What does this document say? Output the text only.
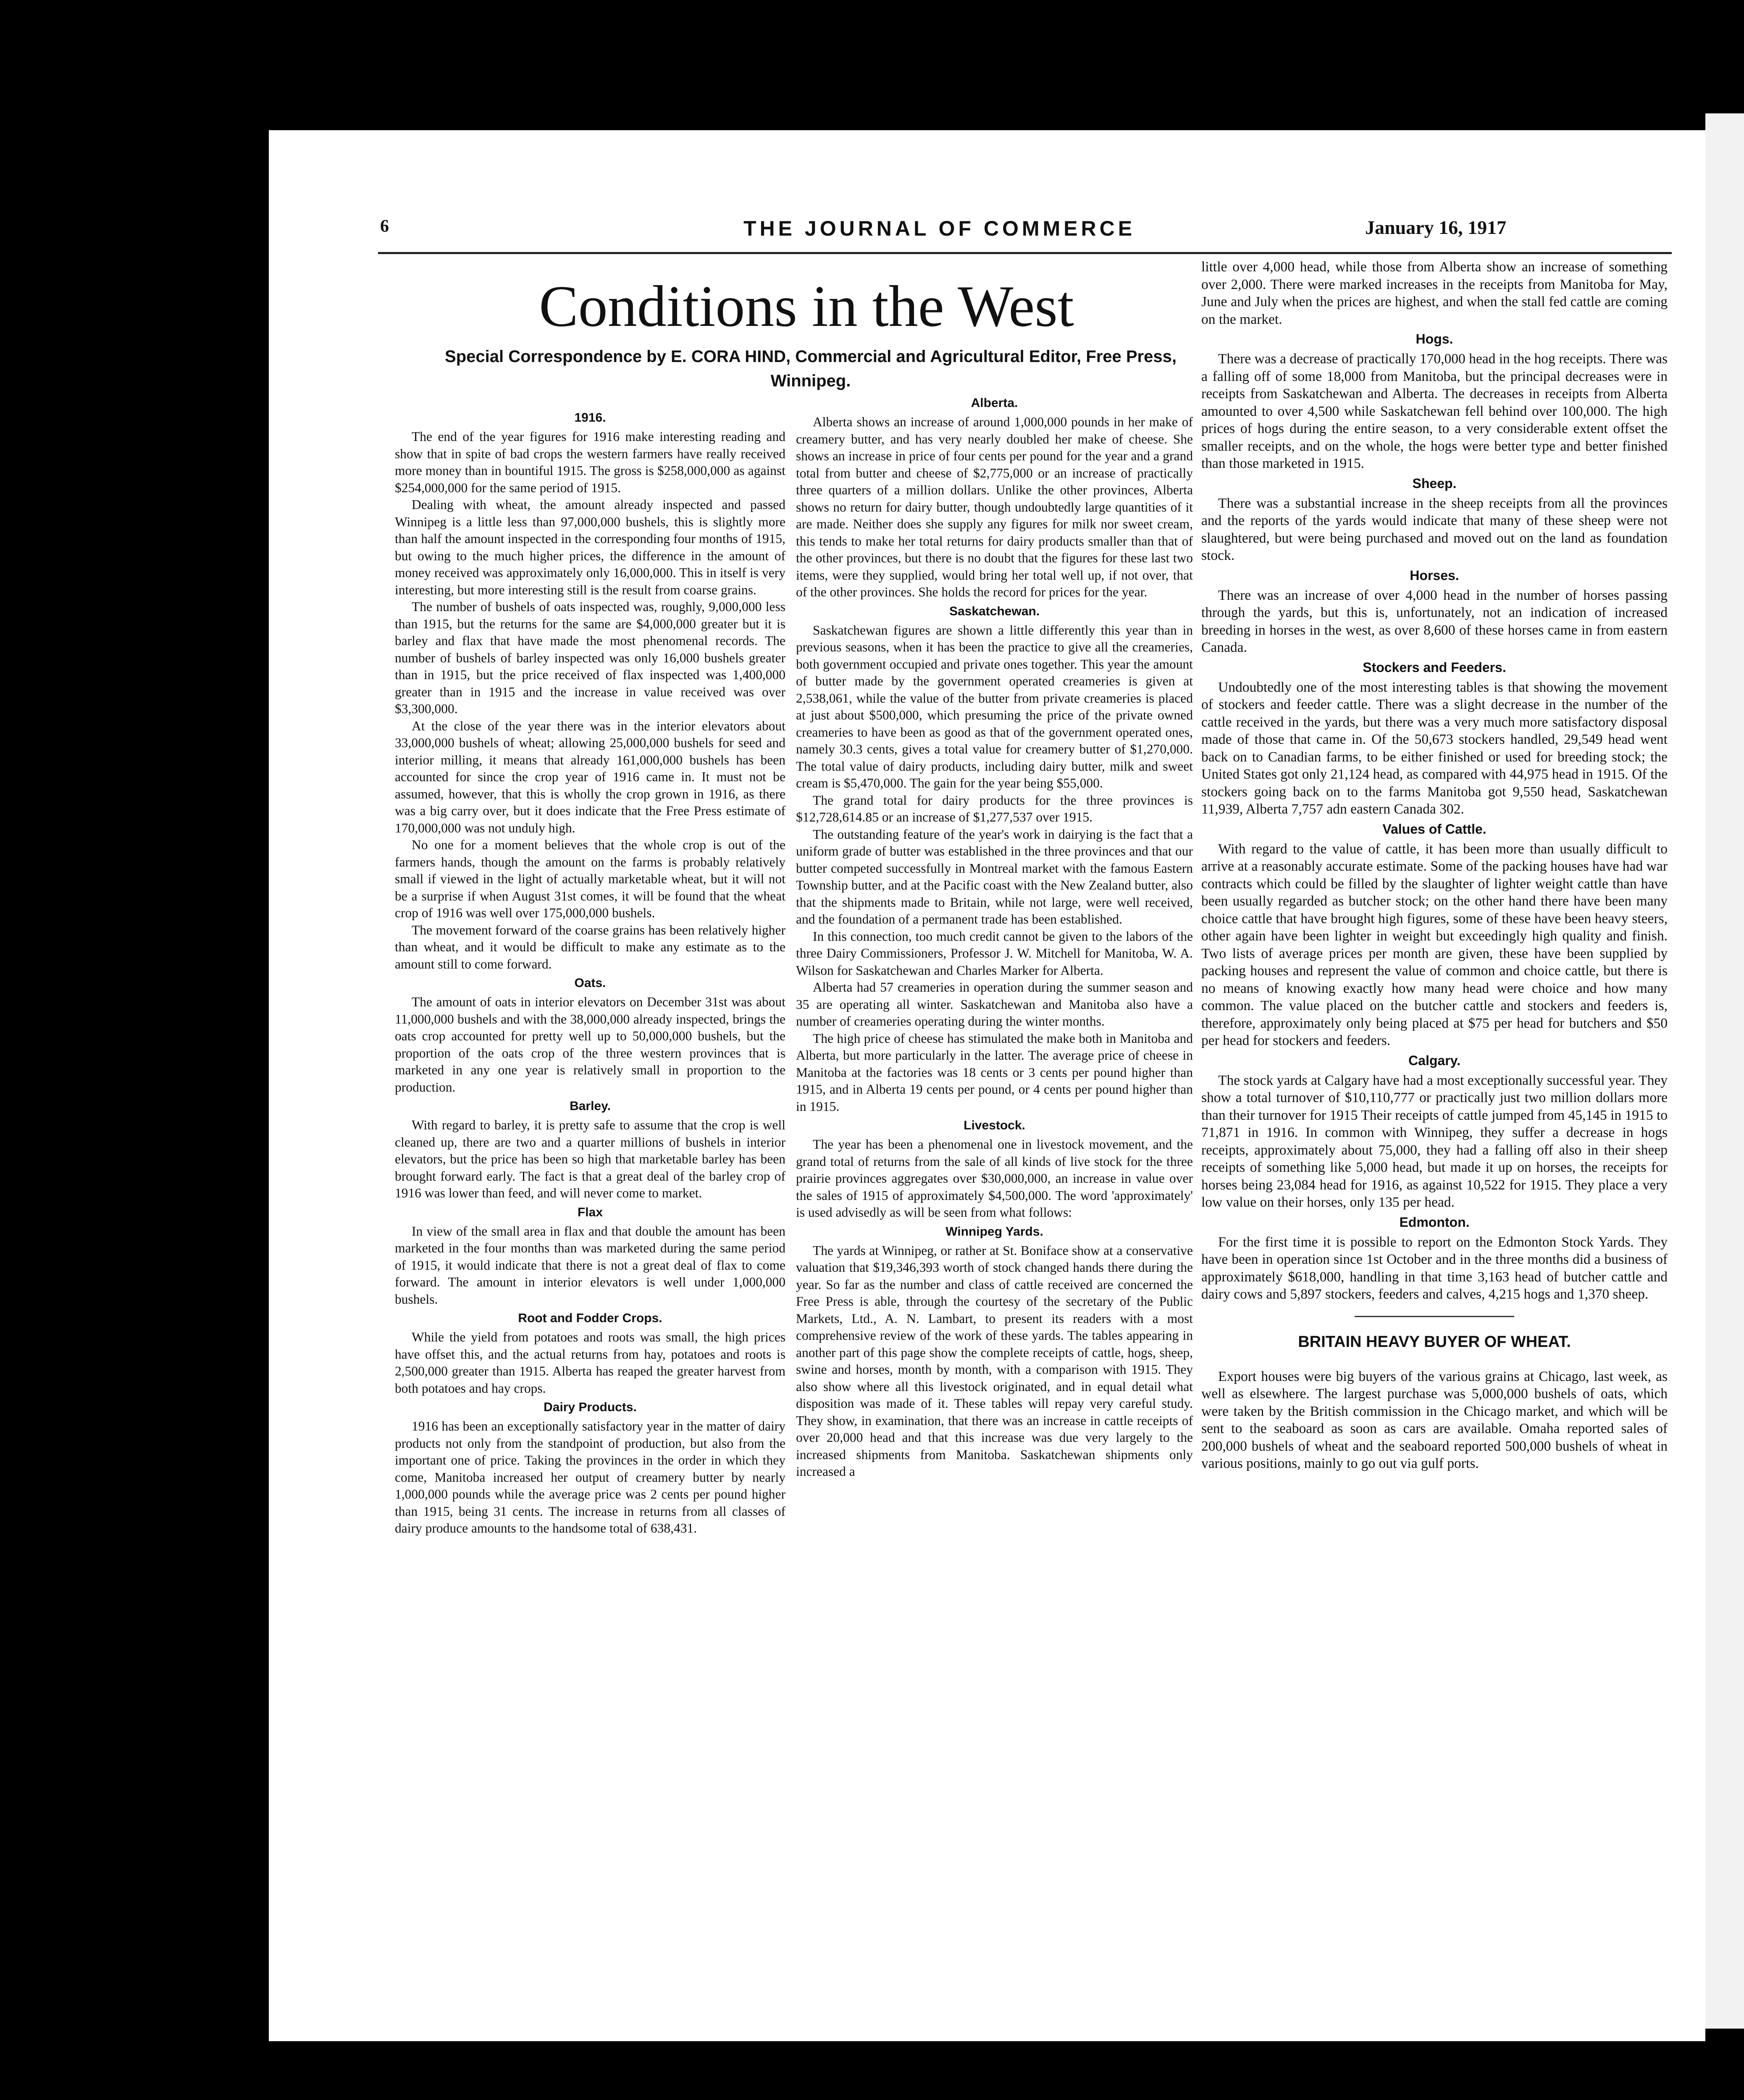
6	THE JOURNAL OF COMMERCE	January 16, 1917
Conditions in the West
Special Correspondence by E. CORA HIND, Commercial and Agricultural Editor, Free Press, Winnipeg.
1916.

The end of the year figures for 1916 make interesting reading and show that in spite of bad crops the western farmers have really received more money than in bountiful 1915. The gross is $258,000,000 as against $254,000,000 for the same period of 1915.

Dealing with wheat, the amount already inspected and passed Winnipeg is a little less than 97,000,000 bushels, this is slightly more than half the amount inspected in the corresponding four months of 1915, but owing to the much higher prices, the difference in the amount of money received was approximately only 16,000,000. This in itself is very interesting, but more interesting still is the result from coarse grains.

The number of bushels of oats inspected was, roughly, 9,000,000 less than 1915, but the returns for the same are $4,000,000 greater but it is barley and flax that have made the most phenomenal records. The number of bushels of barley inspected was only 16,000 bushels greater than in 1915, but the price received of flax inspected was 1,400,000 greater than in 1915 and the increase in value received was over $3,300,000.

At the close of the year there was in the interior elevators about 33,000,000 bushels of wheat; allowing 25,000,000 bushels for seed and interior milling, it means that already 161,000,000 bushels has been accounted for since the crop year of 1916 came in. It must not be assumed, however, that this is wholly the crop grown in 1916, as there was a big carry over, but it does indicate that the Free Press estimate of 170,000,000 was not unduly high.

No one for a moment believes that the whole crop is out of the farmers hands, though the amount on the farms is probably relatively small if viewed in the light of actually marketable wheat, but it will not be a surprise if when August 31st comes, it will be found that the wheat crop of 1916 was well over 175,000,000 bushels.

The movement forward of the coarse grains has been relatively higher than wheat, and it would be difficult to make any estimate as to the amount still to come forward.

Oats.

The amount of oats in interior elevators on December 31st was about 11,000,000 bushels and with the 38,000,000 already inspected, brings the oats crop accounted for pretty well up to 50,000,000 bushels, but the proportion of the oats crop of the three western provinces that is marketed in any one year is relatively small in proportion to the production.

Barley.

With regard to barley, it is pretty safe to assume that the crop is well cleaned up, there are two and a quarter millions of bushels in interior elevators, but the price has been so high that marketable barley has been brought forward early. The fact is that a great deal of the barley crop of 1916 was lower than feed, and will never come to market.

Flax

In view of the small area in flax and that double the amount has been marketed in the four months than was marketed during the same period of 1915, it would indicate that there is not a great deal of flax to come forward. The amount in interior elevators is well under 1,000,000 bushels.

Root and Fodder Crops.

While the yield from potatoes and roots was small, the high prices have offset this, and the actual returns from hay, potatoes and roots is 2,500,000 greater than 1915. Alberta has reaped the greater harvest from both potatoes and hay crops.

Dairy Products.

1916 has been an exceptionally satisfactory year in the matter of dairy products not only from the standpoint of production, but also from the important one of price. Taking the provinces in the order in which they come, Manitoba increased her output of creamery butter by nearly 1,000,000 pounds while the average price was 2 cents per pound higher than 1915, being 31 cents. The increase in returns from all classes of dairy produce amounts to the handsome total of 638,431.

Alberta.

Alberta shows an increase of around 1,000,000 pounds in her make of creamery butter, and has very nearly doubled her make of cheese. She shows an increase in price of four cents per pound for the year and a grand total from butter and cheese of $2,775,000 or an increase of practically three quarters of a million dollars. Unlike the other provinces, Alberta shows no return for dairy butter, though undoubtedly large quantities of it are made. Neither does she supply any figures for milk nor sweet cream, this tends to make her total returns for dairy products smaller than that of the other provinces, but there is no doubt that the figures for these last two items, were they supplied, would bring her total well up, if not over, that of the other provinces. She holds the record for prices for the year.

Saskatchewan.

Saskatchewan figures are shown a little differently this year than in previous seasons, when it has been the practice to give all the creameries, both government occupied and private ones together. This year the amount of butter made by the government operated creameries is given at 2,538,061, while the value of the butter from private creameries is placed at just about $500,000, which presuming the price of the private owned creameries to have been as good as that of the government operated ones, namely 30.3 cents, gives a total value for creamery butter of $1,270,000. The total value of dairy products, including dairy butter, milk and sweet cream is $5,470,000. The gain for the year being $55,000.

The grand total for dairy products for the three provinces is $12,728,614.85 or an increase of $1,277,537 over 1915.

The outstanding feature of the year's work in dairying is the fact that a uniform grade of butter was established in the three provinces and that our butter competed successfully in Montreal market with the famous Eastern Township butter, and at the Pacific coast with the New Zealand butter, also that the shipments made to Britain, while not large, were well received, and the foundation of a permanent trade has been established.

In this connection, too much credit cannot be given to the labors of the three Dairy Commissioners, Professor J. W. Mitchell for Manitoba, W. A. Wilson for Saskatchewan and Charles Marker for Alberta.

Alberta had 57 creameries in operation during the summer season and 35 are operating all winter. Saskatchewan and Manitoba also have a number of creameries operating during the winter months.

The high price of cheese has stimulated the make both in Manitoba and Alberta, but more particularly in the latter. The average price of cheese in Manitoba at the factories was 18 cents or 3 cents per pound higher than 1915, and in Alberta 19 cents per pound, or 4 cents per pound higher than in 1915.

Livestock.

The year has been a phenomenal one in livestock movement, and the grand total of returns from the sale of all kinds of live stock for the three prairie provinces aggregates over $30,000,000, an increase in value over the sales of 1915 of approximately $4,500,000. The word 'approximately' is used advisedly as will be seen from what follows:

Winnipeg Yards.

The yards at Winnipeg, or rather at St. Boniface show at a conservative valuation that $19,346,393 worth of stock changed hands there during the year. So far as the number and class of cattle received are concerned the Free Press is able, through the courtesy of the secretary of the Public Markets, Ltd., A. N. Lambart, to present its readers with a most comprehensive review of the work of these yards. The tables appearing in another part of this page show the complete receipts of cattle, hogs, sheep, swine and horses, month by month, with a comparison with 1915. They also show where all this livestock originated, and in equal detail what disposition was made of it. These tables will repay very careful study. They show, in examination, that there was an increase in cattle receipts of over 20,000 head and that this increase was due very largely to the increased shipments from Manitoba. Saskatchewan shipments only increased a

little over 4,000 head, while those from Alberta show an increase of something over 2,000. There were marked increases in the receipts from Manitoba for May, June and July when the prices are highest, and when the stall fed cattle are coming on the market.

Hogs.

There was a decrease of practically 170,000 head in the hog receipts. There was a falling off of some 18,000 from Manitoba, but the principal decreases were in receipts from Saskatchewan and Alberta. The decreases in receipts from Alberta amounted to over 4,500 while Saskatchewan fell behind over 100,000. The high prices of hogs during the entire season, to a very considerable extent offset the smaller receipts, and on the whole, the hogs were better type and better finished than those marketed in 1915.

Sheep.

There was a substantial increase in the sheep receipts from all the provinces and the reports of the yards would indicate that many of these sheep were not slaughtered, but were being purchased and moved out on the land as foundation stock.

Horses.

There was an increase of over 4,000 head in the number of horses passing through the yards, but this is, unfortunately, not an indication of increased breeding in horses in the west, as over 8,600 of these horses came in from eastern Canada.

Stockers and Feeders.

Undoubtedly one of the most interesting tables is that showing the movement of stockers and feeder cattle. There was a slight decrease in the number of the cattle received in the yards, but there was a very much more satisfactory disposal made of those that came in. Of the 50,673 stockers handled, 29,549 head went back on to Canadian farms, to be either finished or used for breeding stock; the United States got only 21,124 head, as compared with 44,975 head in 1915. Of the stockers going back on to the farms Manitoba got 9,550 head, Saskatchewan 11,939, Alberta 7,757 adn eastern Canada 302.

Values of Cattle.

With regard to the value of cattle, it has been more than usually difficult to arrive at a reasonably accurate estimate. Some of the packing houses have had war contracts which could be filled by the slaughter of lighter weight cattle than have been usually regarded as butcher stock; on the other hand there have been many choice cattle that have brought high figures, some of these have been heavy steers, other again have been lighter in weight but exceedingly high quality and finish. Two lists of average prices per month are given, these have been supplied by packing houses and represent the value of common and choice cattle, but there is no means of knowing exactly how many head were choice and how many common. The value placed on the butcher cattle and stockers and feeders is, therefore, approximately only being placed at $75 per head for butchers and $50 per head for stockers and feeders.

Calgary.

The stock yards at Calgary have had a most exceptionally successful year. They show a total turnover of $10,110,777 or practically just two million dollars more than their turnover for 1915 Their receipts of cattle jumped from 45,145 in 1915 to 71,871 in 1916. In common with Winnipeg, they suffer a decrease in hogs receipts, approximately about 75,000, they had a falling off also in their sheep receipts of something like 5,000 head, but made it up on horses, the receipts for horses being 23,084 head for 1916, as against 10,522 for 1915. They place a very low value on their horses, only 135 per head.

Edmonton.

For the first time it is possible to report on the Edmonton Stock Yards. They have been in operation since 1st October and in the three months did a business of approximately $618,000, handling in that time 3,163 head of butcher cattle and dairy cows and 5,897 stockers, feeders and calves, 4,215 hogs and 1,370 sheep.

BRITAIN HEAVY BUYER OF WHEAT.

Export houses were big buyers of the various grains at Chicago, last week, as well as elsewhere. The largest purchase was 5,000,000 bushels of oats, which were taken by the British commission in the Chicago market, and which will be sent to the seaboard as soon as cars are available. Omaha reported sales of 200,000 bushels of wheat and the seaboard reported 500,000 bushels of wheat in various positions, mainly to go out via gulf ports.
